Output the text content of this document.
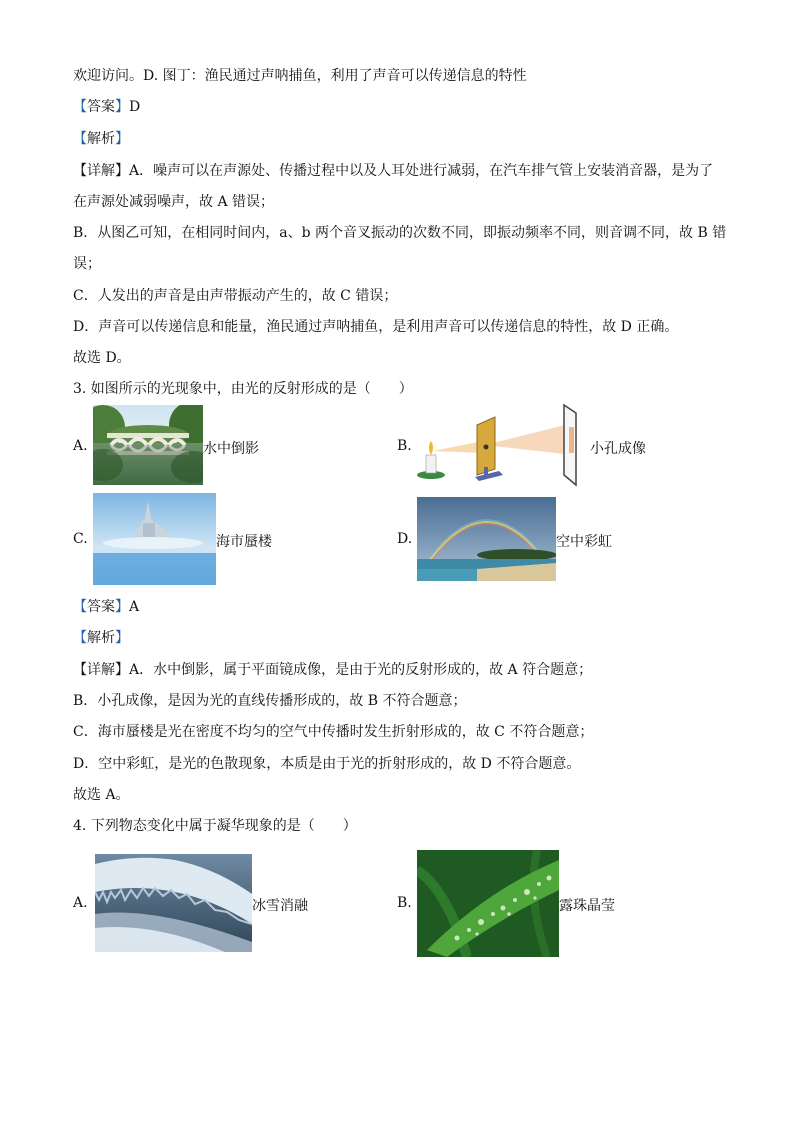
欢迎访问。D. 图丁：渔民通过声呐捕鱼，利用了声音可以传递信息的特性
【答案】D
【解析】
【详解】A．噪声可以在声源处、传播过程中以及人耳处进行减弱，在汽车排气管上安装消音器，是为了
在声源处减弱噪声，故 A 错误；
B．从图乙可知，在相同时间内，a、b 两个音叉振动的次数不同，即振动频率不同，则音调不同，故 B 错
误；
C．人发出的声音是由声带振动产生的，故 C 错误；
D．声音可以传递信息和能量，渔民通过声呐捕鱼，是利用声音可以传递信息的特性，故 D 正确。
故选 D。
3. 如图所示的光现象中，由光的反射形成的是（　　）
A.	水中倒影	B.	小孔成像
C.	海市蜃楼	D.	空中彩虹
【答案】A
【解析】
【详解】A．水中倒影，属于平面镜成像，是由于光的反射形成的，故 A 符合题意；
B．小孔成像，是因为光的直线传播形成的，故 B 不符合题意；
C．海市蜃楼是光在密度不均匀的空气中传播时发生折射形成的，故 C 不符合题意；
D．空中彩虹，是光的色散现象，本质是由于光的折射形成的，故 D 不符合题意。
故选 A。
4. 下列物态变化中属于凝华现象的是（　　）
A.	冰雪消融	B.	露珠晶莹
